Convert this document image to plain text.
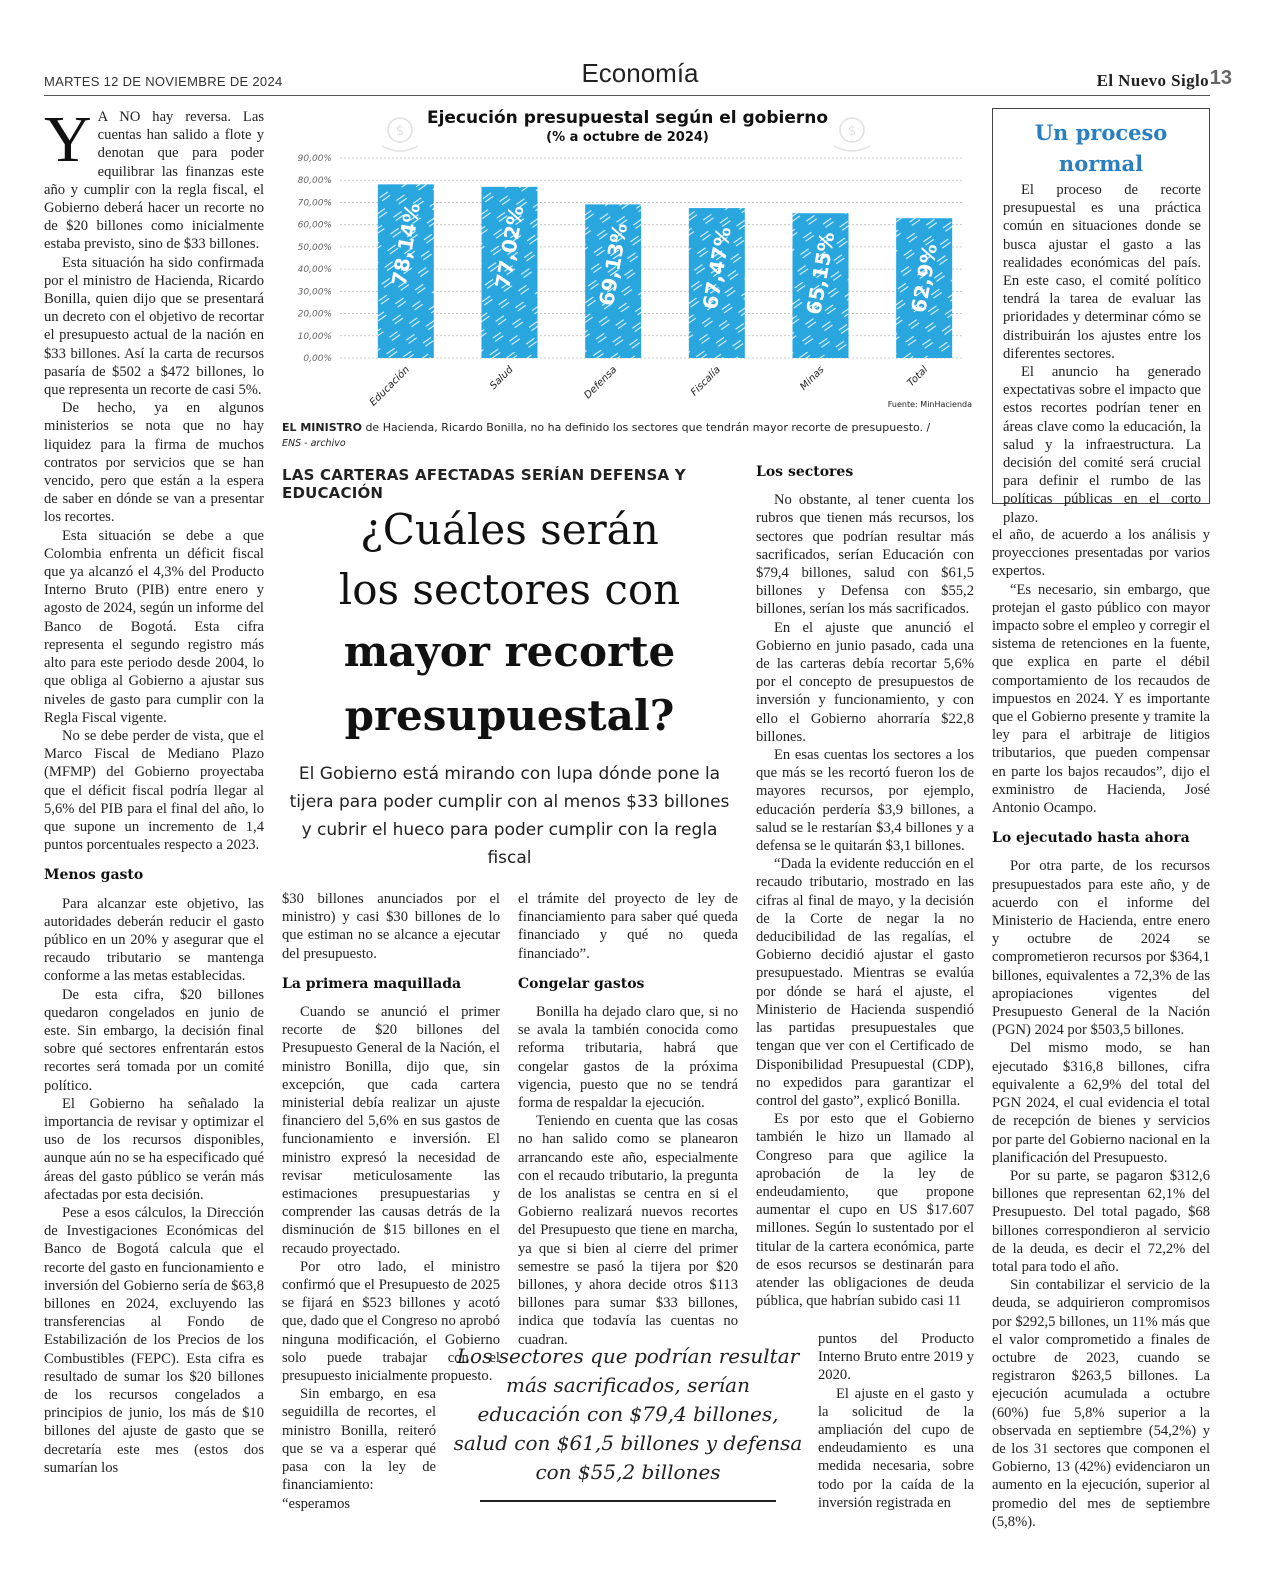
MARTES 12 DE NOVIEMBRE DE 2024	Economía	El Nuevo Siglo 13
Ejecución presupuestal según el gobierno
(% a octubre de 2024)
$	$
0,00%
10,00%
20,00%
30,00%
40,00%
50,00%
60,00%
70,00%
80,00%
90,00%
78,14%	77,02%	69,13%	67,47%	65,15%	62,9%
Educación	Salud	Defensa	Fiscalía	Minas	Total
Fuente: MinHacienda
EL MINISTRO de Hacienda, Ricardo Bonilla, no ha definido los sectores que tendrán mayor recorte de presupuesto. /
ENS - archivo
Un proceso
normal

El proceso de recorte presupuestal es una práctica común en situaciones donde se busca ajustar el gasto a las realidades económicas del país. En este caso, el comité político tendrá la tarea de evaluar las prioridades y determinar cómo se distribuirán los ajustes entre los diferentes sectores.

El anuncio ha generado expectativas sobre el impacto que estos recortes podrían tener en áreas clave como la educación, la salud y la infraestructura. La decisión del comité será crucial para definir el rumbo de las políticas públicas en el corto plazo.

LAS CARTERAS AFECTADAS SERÍAN DEFENSA Y EDUCACIÓN
¿Cuáles serán
los sectores con
mayor recorte
presupuestal?
El Gobierno está mirando con lupa dónde pone la tijera para poder cumplir con al menos $33 billones y cubrir el hueco para poder cumplir con la regla fiscal

Y A NO hay reversa. Las cuentas han salido a flote y denotan que para poder equilibrar las finanzas este año y cumplir con la regla fiscal, el Gobierno deberá hacer un recorte no de $20 billones como inicialmente estaba previsto, sino de $33 billones.

Esta situación ha sido confirmada por el ministro de Hacienda, Ricardo Bonilla, quien dijo que se presentará un decreto con el objetivo de recortar el presupuesto actual de la nación en $33 billones. Así la carta de recursos pasaría de $502 a $472 billones, lo que representa un recorte de casi 5%.

De hecho, ya en algunos ministerios se nota que no hay liquidez para la firma de muchos contratos por servicios que se han vencido, pero que están a la espera de saber en dónde se van a presentar los recortes.

Esta situación se debe a que Colombia enfrenta un déficit fiscal que ya alcanzó el 4,3% del Producto Interno Bruto (PIB) entre enero y agosto de 2024, según un informe del Banco de Bogotá. Esta cifra representa el segundo registro más alto para este periodo desde 2004, lo que obliga al Gobierno a ajustar sus niveles de gasto para cumplir con la Regla Fiscal vigente.

No se debe perder de vista, que el Marco Fiscal de Mediano Plazo (MFMP) del Gobierno proyectaba que el déficit fiscal podría llegar al 5,6% del PIB para el final del año, lo que supone un incremento de 1,4 puntos porcentuales respecto a 2023.

Menos gasto

Para alcanzar este objetivo, las autoridades deberán reducir el gasto público en un 20% y asegurar que el recaudo tributario se mantenga conforme a las metas establecidas.

De esta cifra, $20 billones quedaron congelados en junio de este. Sin embargo, la decisión final sobre qué sectores enfrentarán estos recortes será tomada por un comité político.

El Gobierno ha señalado la importancia de revisar y optimizar el uso de los recursos disponibles, aunque aún no se ha especificado qué áreas del gasto público se verán más afectadas por esta decisión.

Pese a esos cálculos, la Dirección de Investigaciones Económicas del Banco de Bogotá calcula que el recorte del gasto en funcionamiento e inversión del Gobierno sería de $63,8 billones en 2024, excluyendo las transferencias al Fondo de Estabilización de los Precios de los Combustibles (FEPC). Esta cifra es resultado de sumar los $20 billones de los recursos congelados a principios de junio, los más de $10 billones del ajuste de gasto que se decretaría este mes (estos dos sumarían los

$30 billones anunciados por el ministro) y casi $30 billones de lo que estiman no se alcance a ejecutar del presupuesto.

La primera maquillada

Cuando se anunció el primer recorte de $20 billones del Presupuesto General de la Nación, el ministro Bonilla, dijo que, sin excepción, que cada cartera ministerial debía realizar un ajuste financiero del 5,6% en sus gastos de funcionamiento e inversión. El ministro expresó la necesidad de revisar meticulosamente las estimaciones presupuestarias y comprender las causas detrás de la disminución de $15 billones en el recaudo proyectado.

Por otro lado, el ministro confirmó que el Presupuesto de 2025 se fijará en $523 billones y acotó que, dado que el Congreso no aprobó ninguna modificación, el Gobierno solo puede trabajar con el presupuesto inicialmente propuesto.

Sin embargo, en esa seguidilla de recortes, el ministro Bonilla, reiteró que se va a esperar qué pasa con la ley de financiamiento: “esperamos

el trámite del proyecto de ley de financiamiento para saber qué queda financiado y qué no queda financiado”.

Congelar gastos

Bonilla ha dejado claro que, si no se avala la también conocida como reforma tributaria, habrá que congelar gastos de la próxima vigencia, puesto que no se tendrá forma de respaldar la ejecución.

Teniendo en cuenta que las cosas no han salido como se planearon arrancando este año, especialmente con el recaudo tributario, la pregunta de los analistas se centra en si el Gobierno realizará nuevos recortes del Presupuesto que tiene en marcha, ya que si bien al cierre del primer semestre se pasó la tijera por $20 billones, y ahora decide otros $113 billones para sumar $33 billones, indica que todavía las cuentas no cuadran.

Los sectores que podrían resultar más sacrificados, serían educación con $79,4 billones, salud con $61,5 billones y defensa con $55,2 billones
Los sectores

No obstante, al tener cuenta los rubros que tienen más recursos, los sectores que podrían resultar más sacrificados, serían Educación con $79,4 billones, salud con $61,5 billones y Defensa con $55,2 billones, serían los más sacrificados.

En el ajuste que anunció el Gobierno en junio pasado, cada una de las carteras debía recortar 5,6% por el concepto de presupuestos de inversión y funcionamiento, y con ello el Gobierno ahorraría $22,8 billones.

En esas cuentas los sectores a los que más se les recortó fueron los de mayores recursos, por ejemplo, educación perdería $3,9 billones, a salud se le restarían $3,4 billones y a defensa se le quitarán $3,1 billones.

“Dada la evidente reducción en el recaudo tributario, mostrado en las cifras al final de mayo, y la decisión de la Corte de negar la no deducibilidad de las regalías, el Gobierno decidió ajustar el gasto presupuestado. Mientras se evalúa por dónde se hará el ajuste, el Ministerio de Hacienda suspendió las partidas presupuestales que tengan que ver con el Certificado de Disponibilidad Presupuestal (CDP), no expedidos para garantizar el control del gasto”, explicó Bonilla.

Es por esto que el Gobierno también le hizo un llamado al Congreso para que agilice la aprobación de la ley de endeudamiento, que propone aumentar el cupo en US $17.607 millones. Según lo sustentado por el titular de la cartera económica, parte de esos recursos se destinarán para atender las obligaciones de deuda pública, que habrían subido casi 11

puntos del Producto Interno Bruto entre 2019 y 2020.

El ajuste en el gasto y la solicitud de la ampliación del cupo de endeudamiento es una medida necesaria, sobre todo por la caída de la inversión registrada en

el año, de acuerdo a los análisis y proyecciones presentadas por varios expertos.

“Es necesario, sin embargo, que protejan el gasto público con mayor impacto sobre el empleo y corregir el sistema de retenciones en la fuente, que explica en parte el débil comportamiento de los recaudos de impuestos en 2024. Y es importante que el Gobierno presente y tramite la ley para el arbitraje de litigios tributarios, que pueden compensar en parte los bajos recaudos”, dijo el exministro de Hacienda, José Antonio Ocampo.

Lo ejecutado hasta ahora

Por otra parte, de los recursos presupuestados para este año, y de acuerdo con el informe del Ministerio de Hacienda, entre enero y octubre de 2024 se comprometieron recursos por $364,1 billones, equivalentes a 72,3% de las apropiaciones vigentes del Presupuesto General de la Nación (PGN) 2024 por $503,5 billones.

Del mismo modo, se han ejecutado $316,8 billones, cifra equivalente a 62,9% del total del PGN 2024, el cual evidencia el total de recepción de bienes y servicios por parte del Gobierno nacional en la planificación del Presupuesto.

Por su parte, se pagaron $312,6 billones que representan 62,1% del Presupuesto. Del total pagado, $68 billones correspondieron al servicio de la deuda, es decir el 72,2% del total para todo el año.

Sin contabilizar el servicio de la deuda, se adquirieron compromisos por $292,5 billones, un 11% más que el valor comprometido a finales de octubre de 2023, cuando se registraron $263,5 billones. La ejecución acumulada a octubre (60%) fue 5,8% superior a la observada en septiembre (54,2%) y de los 31 sectores que componen el Gobierno, 13 (42%) evidenciaron un aumento en la ejecución, superior al promedio del mes de septiembre (5,8%).
